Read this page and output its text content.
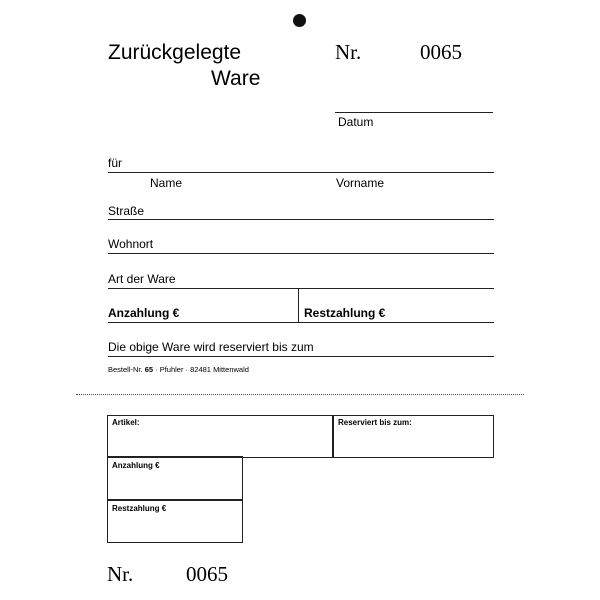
Zurückgelegte
Ware
Nr.	0065
Datum
für
Name	Vorname
Straße
Wohnort
Art der Ware
Anzahlung €	Restzahlung €
Die obige Ware wird reserviert bis zum
Bestell-Nr. 65 · Pfuhler · 82481 Mittenwald
Artikel:	Reserviert bis zum:
Anzahlung €
Restzahlung €
Nr.	0065
